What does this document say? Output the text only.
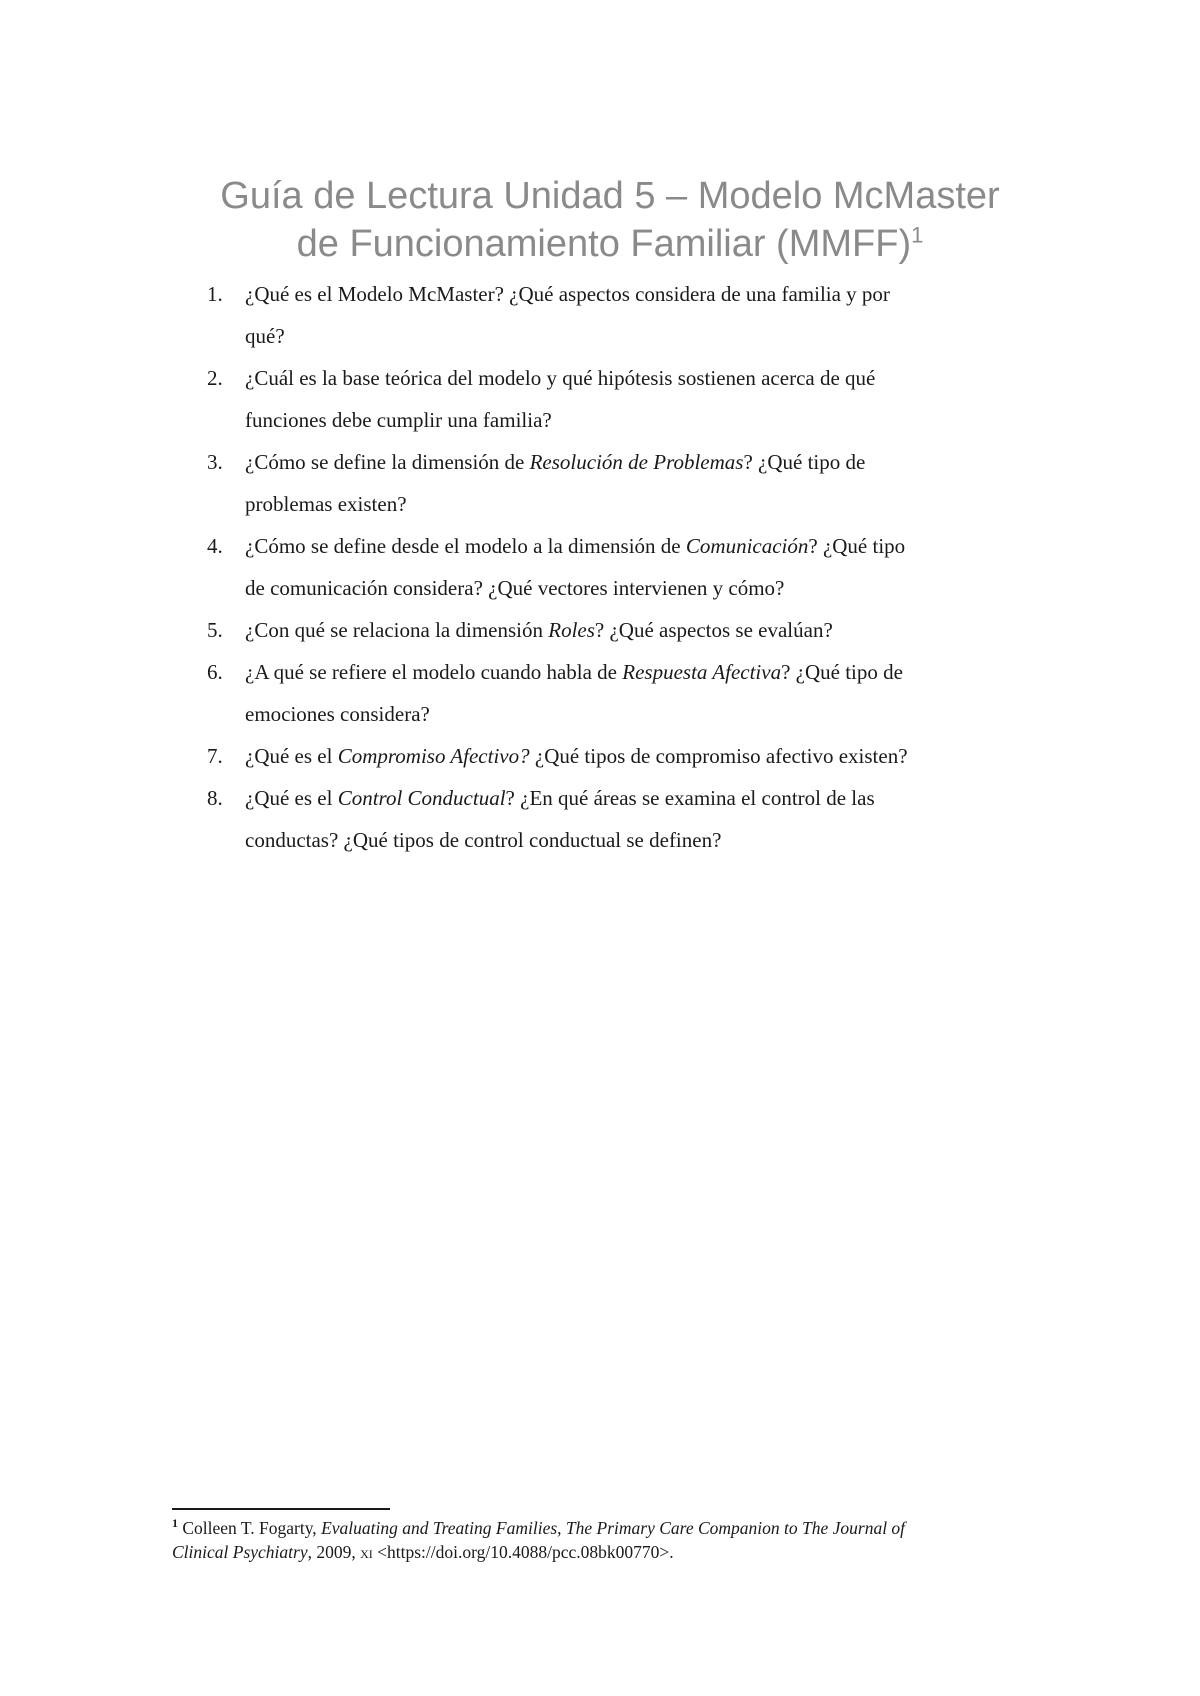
Guía de Lectura Unidad 5 – Modelo McMaster
de Funcionamiento Familiar (MMFF)$^1$
1. ¿Qué es el Modelo McMaster? ¿Qué aspectos considera de una familia y por
qué?
2. ¿Cuál es la base teórica del modelo y qué hipótesis sostienen acerca de qué
funciones debe cumplir una familia?
3. ¿Cómo se define la dimensión de Resolución de Problemas? ¿Qué tipo de
problemas existen?
4. ¿Cómo se define desde el modelo a la dimensión de Comunicación? ¿Qué tipo
de comunicación considera? ¿Qué vectores intervienen y cómo?
5. ¿Con qué se relaciona la dimensión Roles? ¿Qué aspectos se evalúan?
6. ¿A qué se refiere el modelo cuando habla de Respuesta Afectiva? ¿Qué tipo de
emociones considera?
7. ¿Qué es el Compromiso Afectivo? ¿Qué tipos de compromiso afectivo existen?
8. ¿Qué es el Control Conductual? ¿En qué áreas se examina el control de las
conductas? ¿Qué tipos de control conductual se definen?

$^1$ Colleen T. Fogarty, Evaluating and Treating Families, The Primary Care Companion to The Journal of
Clinical Psychiatry, 2009, xi <https://doi.org/10.4088/pcc.08bk00770>.
